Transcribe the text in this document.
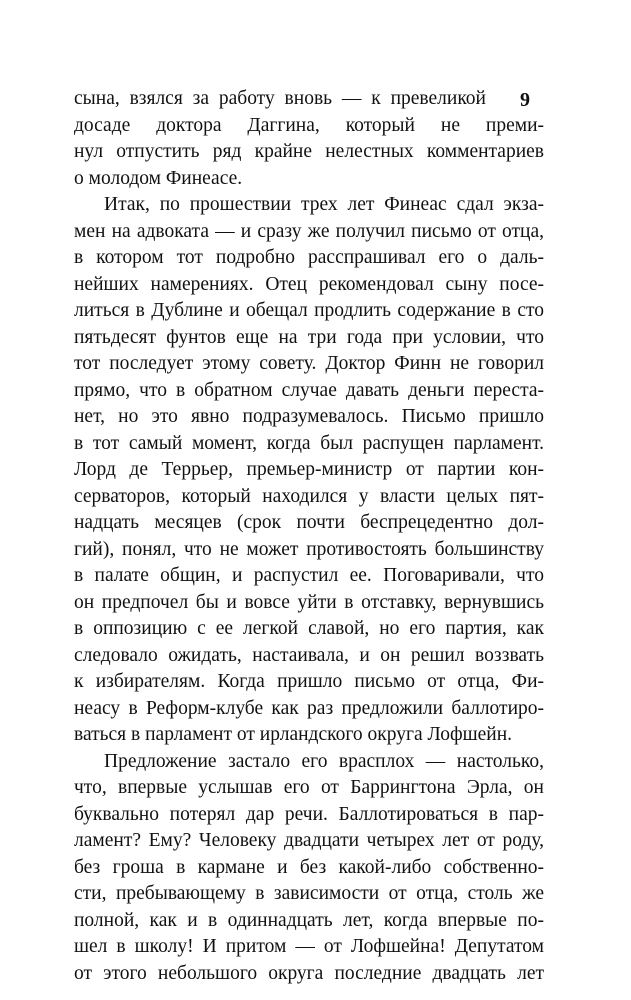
9
сына, взялся за работу вновь — к превеликой
досаде доктора Даггина, который не преми-
нул отпустить ряд крайне нелестных комментариев
о молодом Финеасе.
Итак, по прошествии трех лет Финеас сдал экза-
мен на адвоката — и сразу же получил письмо от отца,
в котором тот подробно расспрашивал его о даль-
нейших намерениях. Отец рекомендовал сыну посе-
литься в Дублине и обещал продлить содержание в сто
пятьдесят фунтов еще на три года при условии, что
тот последует этому совету. Доктор Финн не говорил
прямо, что в обратном случае давать деньги переста-
нет, но это явно подразумевалось. Письмо пришло
в тот самый момент, когда был распущен парламент.
Лорд де Террьер, премьер-министр от партии кон-
серваторов, который находился у власти целых пят-
надцать месяцев (срок почти беспрецедентно дол-
гий), понял, что не может противостоять большинству
в палате общин, и распустил ее. Поговаривали, что
он предпочел бы и вовсе уйти в отставку, вернувшись
в оппозицию с ее легкой славой, но его партия, как
следовало ожидать, настаивала, и он решил воззвать
к избирателям. Когда пришло письмо от отца, Фи-
неасу в Реформ-клубе как раз предложили баллотиро-
ваться в парламент от ирландского округа Лофшейн.
Предложение застало его врасплох — настолько,
что, впервые услышав его от Баррингтона Эрла, он
буквально потерял дар речи. Баллотироваться в пар-
ламент? Ему? Человеку двадцати четырех лет от роду,
без гроша в кармане и без какой-либо собственно-
сти, пребывающему в зависимости от отца, столь же
полной, как и в одиннадцать лет, когда впервые по-
шел в школу! И притом — от Лофшейна! Депутатом
от этого небольшого округа последние двадцать лет
